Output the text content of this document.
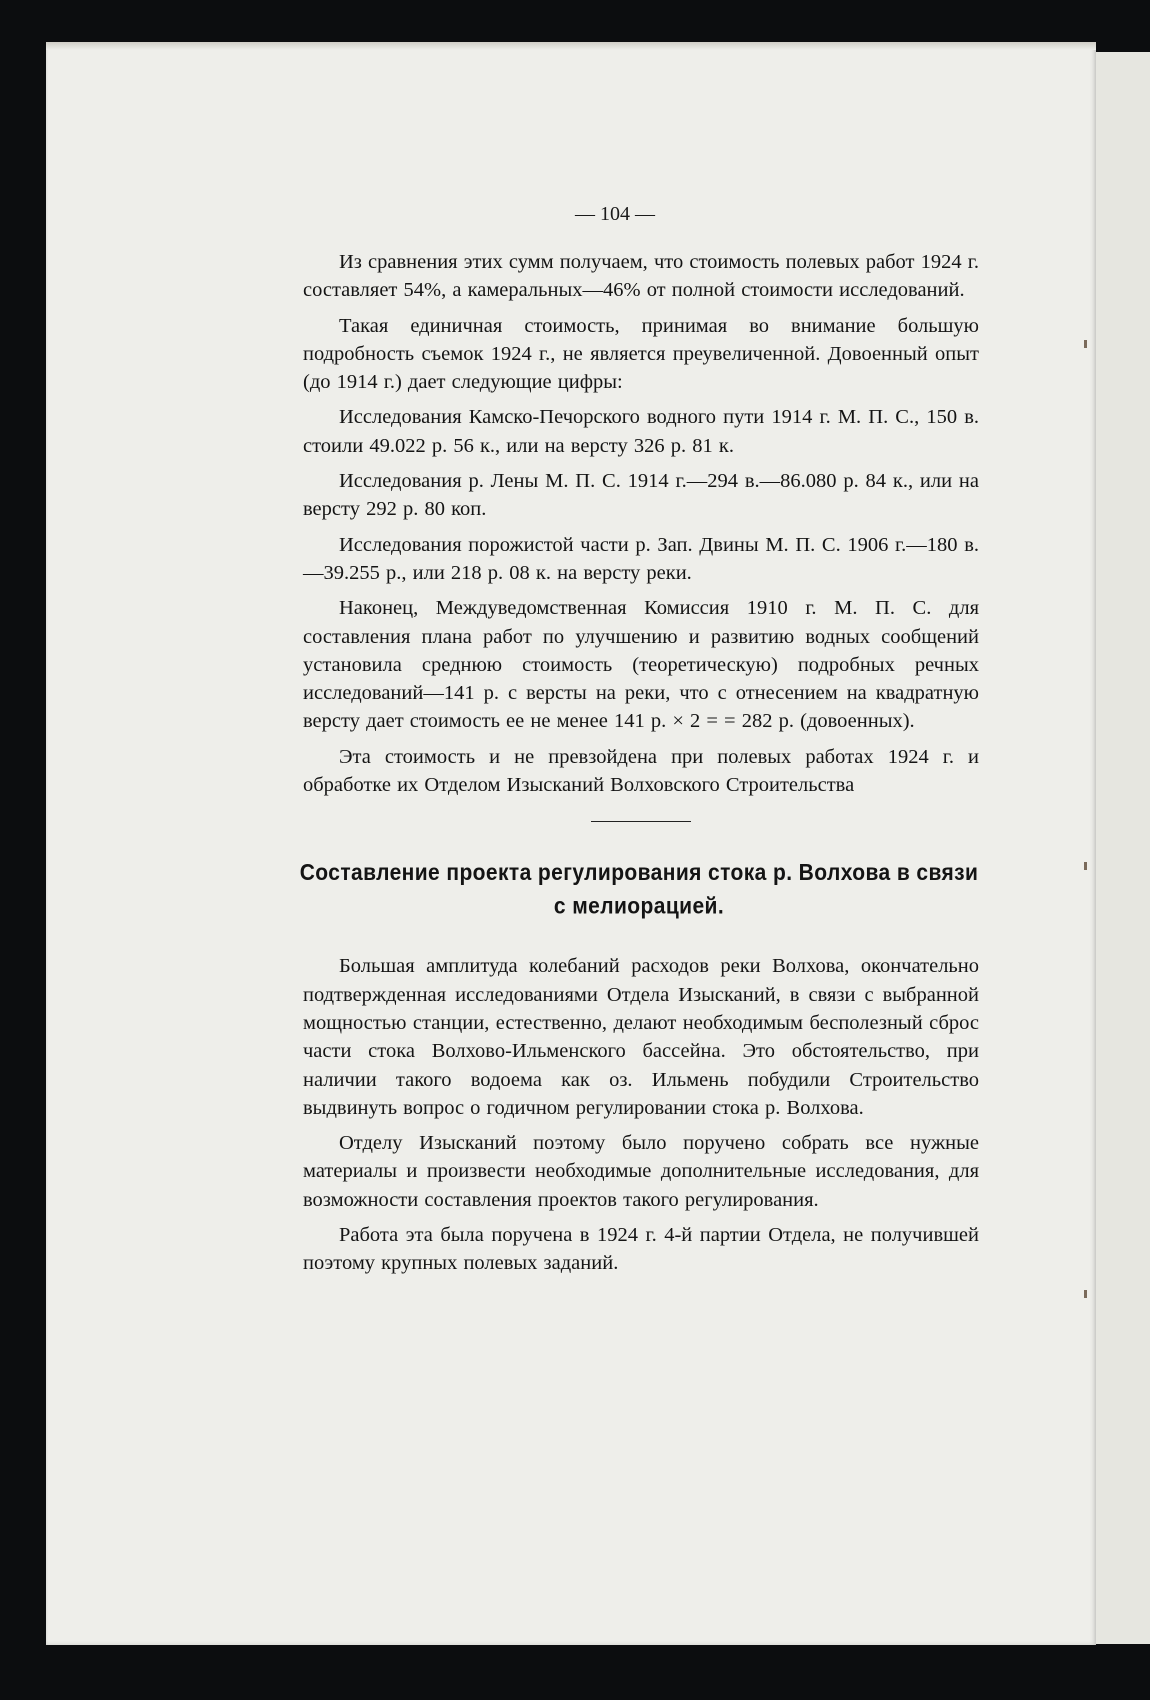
— 104 —

Из сравнения этих сумм получаем, что стоимость полевых работ 1924 г. составляет 54%, а камеральных—46% от полной стоимости исследований.

Такая единичная стоимость, принимая во внимание большую подробность съемок 1924 г., не является преувеличенной. Довоенный опыт (до 1914 г.) дает следующие цифры:

Исследования Камско-Печорского водного пути 1914 г. М. П. С., 150 в. стоили 49.022 р. 56 к., или на версту 326 р. 81 к.

Исследования р. Лены М. П. С. 1914 г.—294 в.—86.080 р. 84 к., или на версту 292 р. 80 коп.

Исследования порожистой части р. Зап. Двины М. П. С. 1906 г.—180 в.—39.255 р., или 218 р. 08 к. на версту реки.

Наконец, Междуведомственная Комиссия 1910 г. М. П. С. для составления плана работ по улучшению и развитию водных сообщений установила среднюю стоимость (теоретическую) подробных речных исследований—141 р. с версты на реки, что с отнесением на квадратную версту дает стоимость ее не менее 141 р. × 2 = = 282 р. (довоенных).

Эта стоимость и не превзойдена при полевых работах 1924 г. и обработке их Отделом Изысканий Волховского Строительства

Составление проекта регулирования стока р. Волхова в связи
с мелиорацией.

Большая амплитуда колебаний расходов реки Волхова, окончательно подтвержденная исследованиями Отдела Изысканий, в связи с выбранной мощностью станции, естественно, делают необходимым бесполезный сброс части стока Волхово-Ильменского бассейна. Это обстоятельство, при наличии такого водоема как оз. Ильмень побудили Строительство выдвинуть вопрос о годичном регулировании стока р. Волхова.

Отделу Изысканий поэтому было поручено собрать все нужные материалы и произвести необходимые дополнительные исследования, для возможности составления проектов такого регулирования.

Работа эта была поручена в 1924 г. 4-й партии Отдела, не получившей поэтому крупных полевых заданий.
